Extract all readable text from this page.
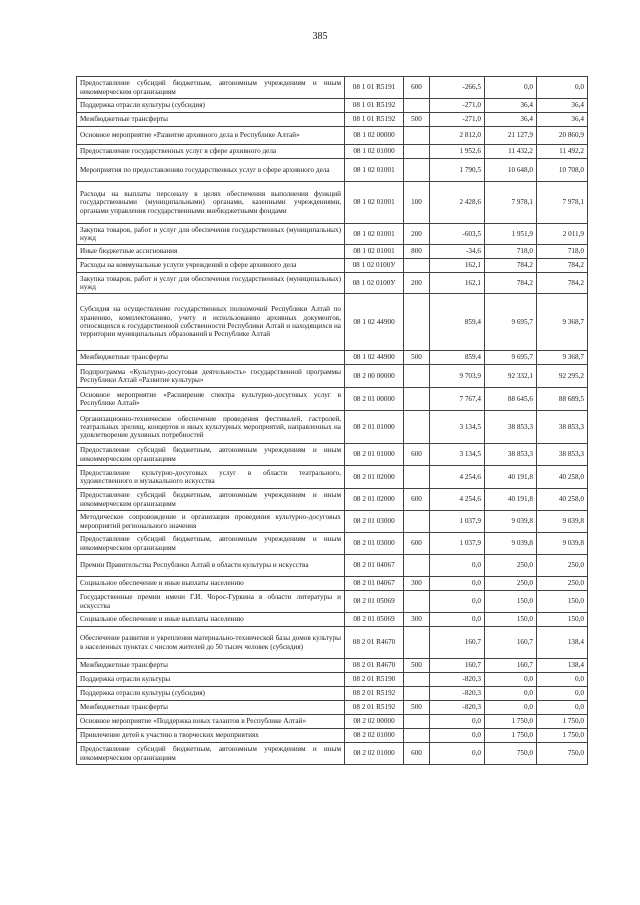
385
Предоставление субсидий бюджетным, автономным учреждениям и иным некоммерческим организациям	08 1 01 R5191	600	-266,5	0,0	0,0
Поддержка отрасли культуры (субсидия)	08 1 01 R5192		-271,0	36,4	36,4
Межбюджетные трансферты	08 1 01 R5192	500	-271,0	36,4	36,4
Основное мероприятие «Развитие архивного дела в Республике Алтай»	08 1 02 00000		2 812,0	21 127,9	20 860,9
Предоставление государственных услуг в сфере архивного дела	08 1 02 01000		1 952,6	11 432,2	11 492,2
Мероприятия по предоставлению государственных услуг в сфере архивного дела	08 1 02 01001		1 790,5	10 648,0	10 708,0
Расходы на выплаты персоналу в целях обеспечения выполнения функций государственными (муниципальными) органами, казенными учреждениями, органами управления государственными внебюджетными фондами	08 1 02 01001	100	2 428,6	7 978,1	7 978,1
Закупка товаров, работ и услуг для обеспечения государственных (муниципальных) нужд	08 1 02 01001	200	-603,5	1 951,9	2 011,9
Иные бюджетные ассигнования	08 1 02 01001	800	-34,6	718,0	718,0
Расходы на коммунальные услуги учреждений в сфере архивного дела	08 1 02 0100У		162,1	784,2	784,2
Закупка товаров, работ и услуг для обеспечения государственных (муниципальных) нужд	08 1 02 0100У	200	162,1	784,2	784,2
Субсидия на осуществление государственных полномочий Республики Алтай по хранению, комплектованию, учету и использованию архивных документов, относящихся к государственной собственности Республики Алтай и находящихся на территории муниципальных образований в Республике Алтай	08 1 02 44900		859,4	9 695,7	9 368,7
Межбюджетные трансферты	08 1 02 44900	500	859,4	9 695,7	9 368,7
Подпрограмма «Культурно-досуговая деятельность» государственной программы Республики Алтай «Развитие культуры»	08 2 00 00000		9 703,9	92 332,1	92 295,2
Основное мероприятие «Расширение спектра культурно-досуговых услуг в Республике Алтай»	08 2 01 00000		7 767,4	88 645,6	88 689,5
Организационно-техническое обеспечение проведения фестивалей, гастролей, театральных зрелищ, концертов и иных культурных мероприятий, направленных на удовлетворение духовных потребностей	08 2 01 01000		3 134,5	38 853,3	38 853,3
Предоставление субсидий бюджетным, автономным учреждениям и иным некоммерческим организациям	08 2 01 01000	600	3 134,5	38 853,3	38 853,3
Предоставление культурно-досуговых услуг в области театрального, художественного и музыкального искусства	08 2 01 02000		4 254,6	40 191,8	40 258,0
Предоставление субсидий бюджетным, автономным учреждениям и иным некоммерческим организациям	08 2 01 02000	600	4 254,6	40 191,8	40 258,0
Методическое сопровождение и организация проведения культурно-досуговых мероприятий регионального значения	08 2 01 03000		1 037,9	9 039,8	9 039,8
Предоставление субсидий бюджетным, автономным учреждениям и иным некоммерческим организациям	08 2 01 03000	600	1 037,9	9 039,8	9 039,8
Премии Правительства Республики Алтай в области культуры и искусства	08 2 01 04067		0,0	250,0	250,0
Социальное обеспечение и иные выплаты населению	08 2 01 04067	300	0,0	250,0	250,0
Государственные премии имени Г.И. Чорос-Гуркина в области литературы и искусства	08 2 01 05069		0,0	150,0	150,0
Социальное обеспечение и иные выплаты населению	08 2 01 05069	300	0,0	150,0	150,0
Обеспечение развития и укрепления материально-технической базы домов культуры в населенных пунктах с числом жителей до 50 тысяч человек (субсидия)	08 2 01 R4670		160,7	160,7	138,4
Межбюджетные трансферты	08 2 01 R4670	500	160,7	160,7	138,4
Поддержка отрасли культуры	08 2 01 R5190		-820,3	0,0	0,0
Поддержка отрасли культуры (субсидия)	08 2 01 R5192		-820,3	0,0	0,0
Межбюджетные трансферты	08 2 01 R5192	500	-820,3	0,0	0,0
Основное мероприятие «Поддержка юных талантов в Республике Алтай»	08 2 02 00000		0,0	1 750,0	1 750,0
Привлечение детей к участию в творческих мероприятиях	08 2 02 01000		0,0	1 750,0	1 750,0
Предоставление субсидий бюджетным, автономным учреждениям и иным некоммерческим организациям	08 2 02 01000	600	0,0	750,0	750,0
